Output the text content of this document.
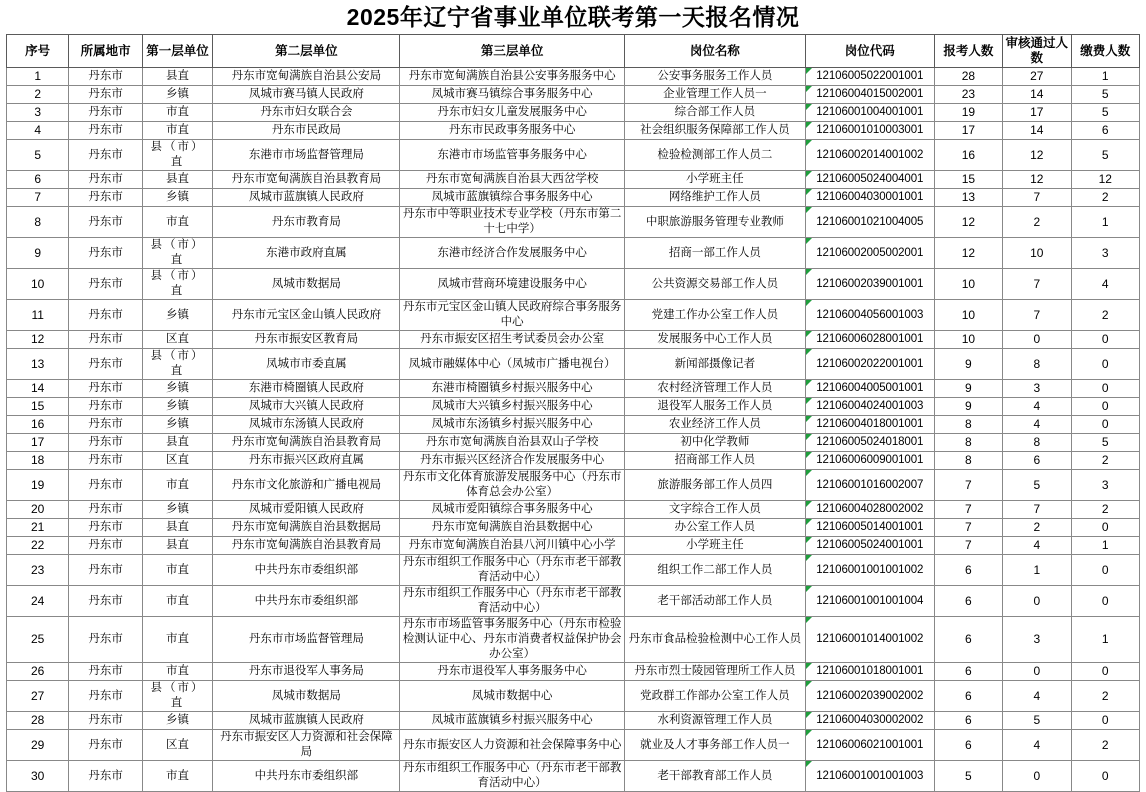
2025年辽宁省事业单位联考第一天报名情况
序号	所属地市	第一层单位	第二层单位	第三层单位	岗位名称	岗位代码	报考人数	审核通过人数	缴费人数
1	丹东市	县直	丹东市宽甸满族自治县公安局	丹东市宽甸满族自治县公安事务服务中心	公安事务服务工作人员	12106005022001001	28	27	1
2	丹东市	乡镇	凤城市赛马镇人民政府	凤城市赛马镇综合事务服务中心	企业管理工作人员一	12106004015002001	23	14	5
3	丹东市	市直	丹东市妇女联合会	丹东市妇女儿童发展服务中心	综合部工作人员	12106001004001001	19	17	5
4	丹东市	市直	丹东市民政局	丹东市民政事务服务中心	社会组织服务保障部工作人员	12106001010003001	17	14	6
5	丹东市	县（市）直	东港市市场监督管理局	东港市市场监管事务服务中心	检验检测部工作人员二	12106002014001002	16	12	5
6	丹东市	县直	丹东市宽甸满族自治县教育局	丹东市宽甸满族自治县大西岔学校	小学班主任	12106005024004001	15	12	12
7	丹东市	乡镇	凤城市蓝旗镇人民政府	凤城市蓝旗镇综合事务服务中心	网络维护工作人员	12106004030001001	13	7	2
8	丹东市	市直	丹东市教育局	丹东市中等职业技术专业学校（丹东市第二十七中学）	中职旅游服务管理专业教师	12106001021004005	12	2	1
9	丹东市	县（市）直	东港市政府直属	东港市经济合作发展服务中心	招商一部工作人员	12106002005002001	12	10	3
10	丹东市	县（市）直	凤城市数据局	凤城市营商环境建设服务中心	公共资源交易部工作人员	12106002039001001	10	7	4
11	丹东市	乡镇	丹东市元宝区金山镇人民政府	丹东市元宝区金山镇人民政府综合事务服务中心	党建工作办公室工作人员	12106004056001003	10	7	2
12	丹东市	区直	丹东市振安区教育局	丹东市振安区招生考试委员会办公室	发展服务中心工作人员	12106006028001001	10	0	0
13	丹东市	县（市）直	凤城市市委直属	凤城市融媒体中心（凤城市广播电视台）	新闻部摄像记者	12106002022001001	9	8	0
14	丹东市	乡镇	东港市椅圈镇人民政府	东港市椅圈镇乡村振兴服务中心	农村经济管理工作人员	12106004005001001	9	3	0
15	丹东市	乡镇	凤城市大兴镇人民政府	凤城市大兴镇乡村振兴服务中心	退役军人服务工作人员	12106004024001003	9	4	0
16	丹东市	乡镇	凤城市东汤镇人民政府	凤城市东汤镇乡村振兴服务中心	农业经济工作人员	12106004018001001	8	4	0
17	丹东市	县直	丹东市宽甸满族自治县教育局	丹东市宽甸满族自治县双山子学校	初中化学教师	12106005024018001	8	8	5
18	丹东市	区直	丹东市振兴区政府直属	丹东市振兴区经济合作发展服务中心	招商部工作人员	12106006009001001	8	6	2
19	丹东市	市直	丹东市文化旅游和广播电视局	丹东市文化体育旅游发展服务中心（丹东市体育总会办公室）	旅游服务部工作人员四	12106001016002007	7	5	3
20	丹东市	乡镇	凤城市爱阳镇人民政府	凤城市爱阳镇综合事务服务中心	文字综合工作人员	12106004028002002	7	7	2
21	丹东市	县直	丹东市宽甸满族自治县数据局	丹东市宽甸满族自治县数据中心	办公室工作人员	12106005014001001	7	2	0
22	丹东市	县直	丹东市宽甸满族自治县教育局	丹东市宽甸满族自治县八河川镇中心小学	小学班主任	12106005024001001	7	4	1
23	丹东市	市直	中共丹东市委组织部	丹东市组织工作服务中心（丹东市老干部教育活动中心）	组织工作二部工作人员	12106001001001002	6	1	0
24	丹东市	市直	中共丹东市委组织部	丹东市组织工作服务中心（丹东市老干部教育活动中心）	老干部活动部工作人员	12106001001001004	6	0	0
25	丹东市	市直	丹东市市场监督管理局	丹东市市场监管事务服务中心（丹东市检验检测认证中心、丹东市消费者权益保护协会办公室）	丹东市食品检验检测中心工作人员	12106001014001002	6	3	1
26	丹东市	市直	丹东市退役军人事务局	丹东市退役军人事务服务中心	丹东市烈士陵园管理所工作人员	12106001018001001	6	0	0
27	丹东市	县（市）直	凤城市数据局	凤城市数据中心	党政群工作部办公室工作人员	12106002039002002	6	4	2
28	丹东市	乡镇	凤城市蓝旗镇人民政府	凤城市蓝旗镇乡村振兴服务中心	水利资源管理工作人员	12106004030002002	6	5	0
29	丹东市	区直	丹东市振安区人力资源和社会保障局	丹东市振安区人力资源和社会保障事务中心	就业及人才事务部工作人员一	12106006021001001	6	4	2
30	丹东市	市直	中共丹东市委组织部	丹东市组织工作服务中心（丹东市老干部教育活动中心）	老干部教育部工作人员	12106001001001003	5	0	0
